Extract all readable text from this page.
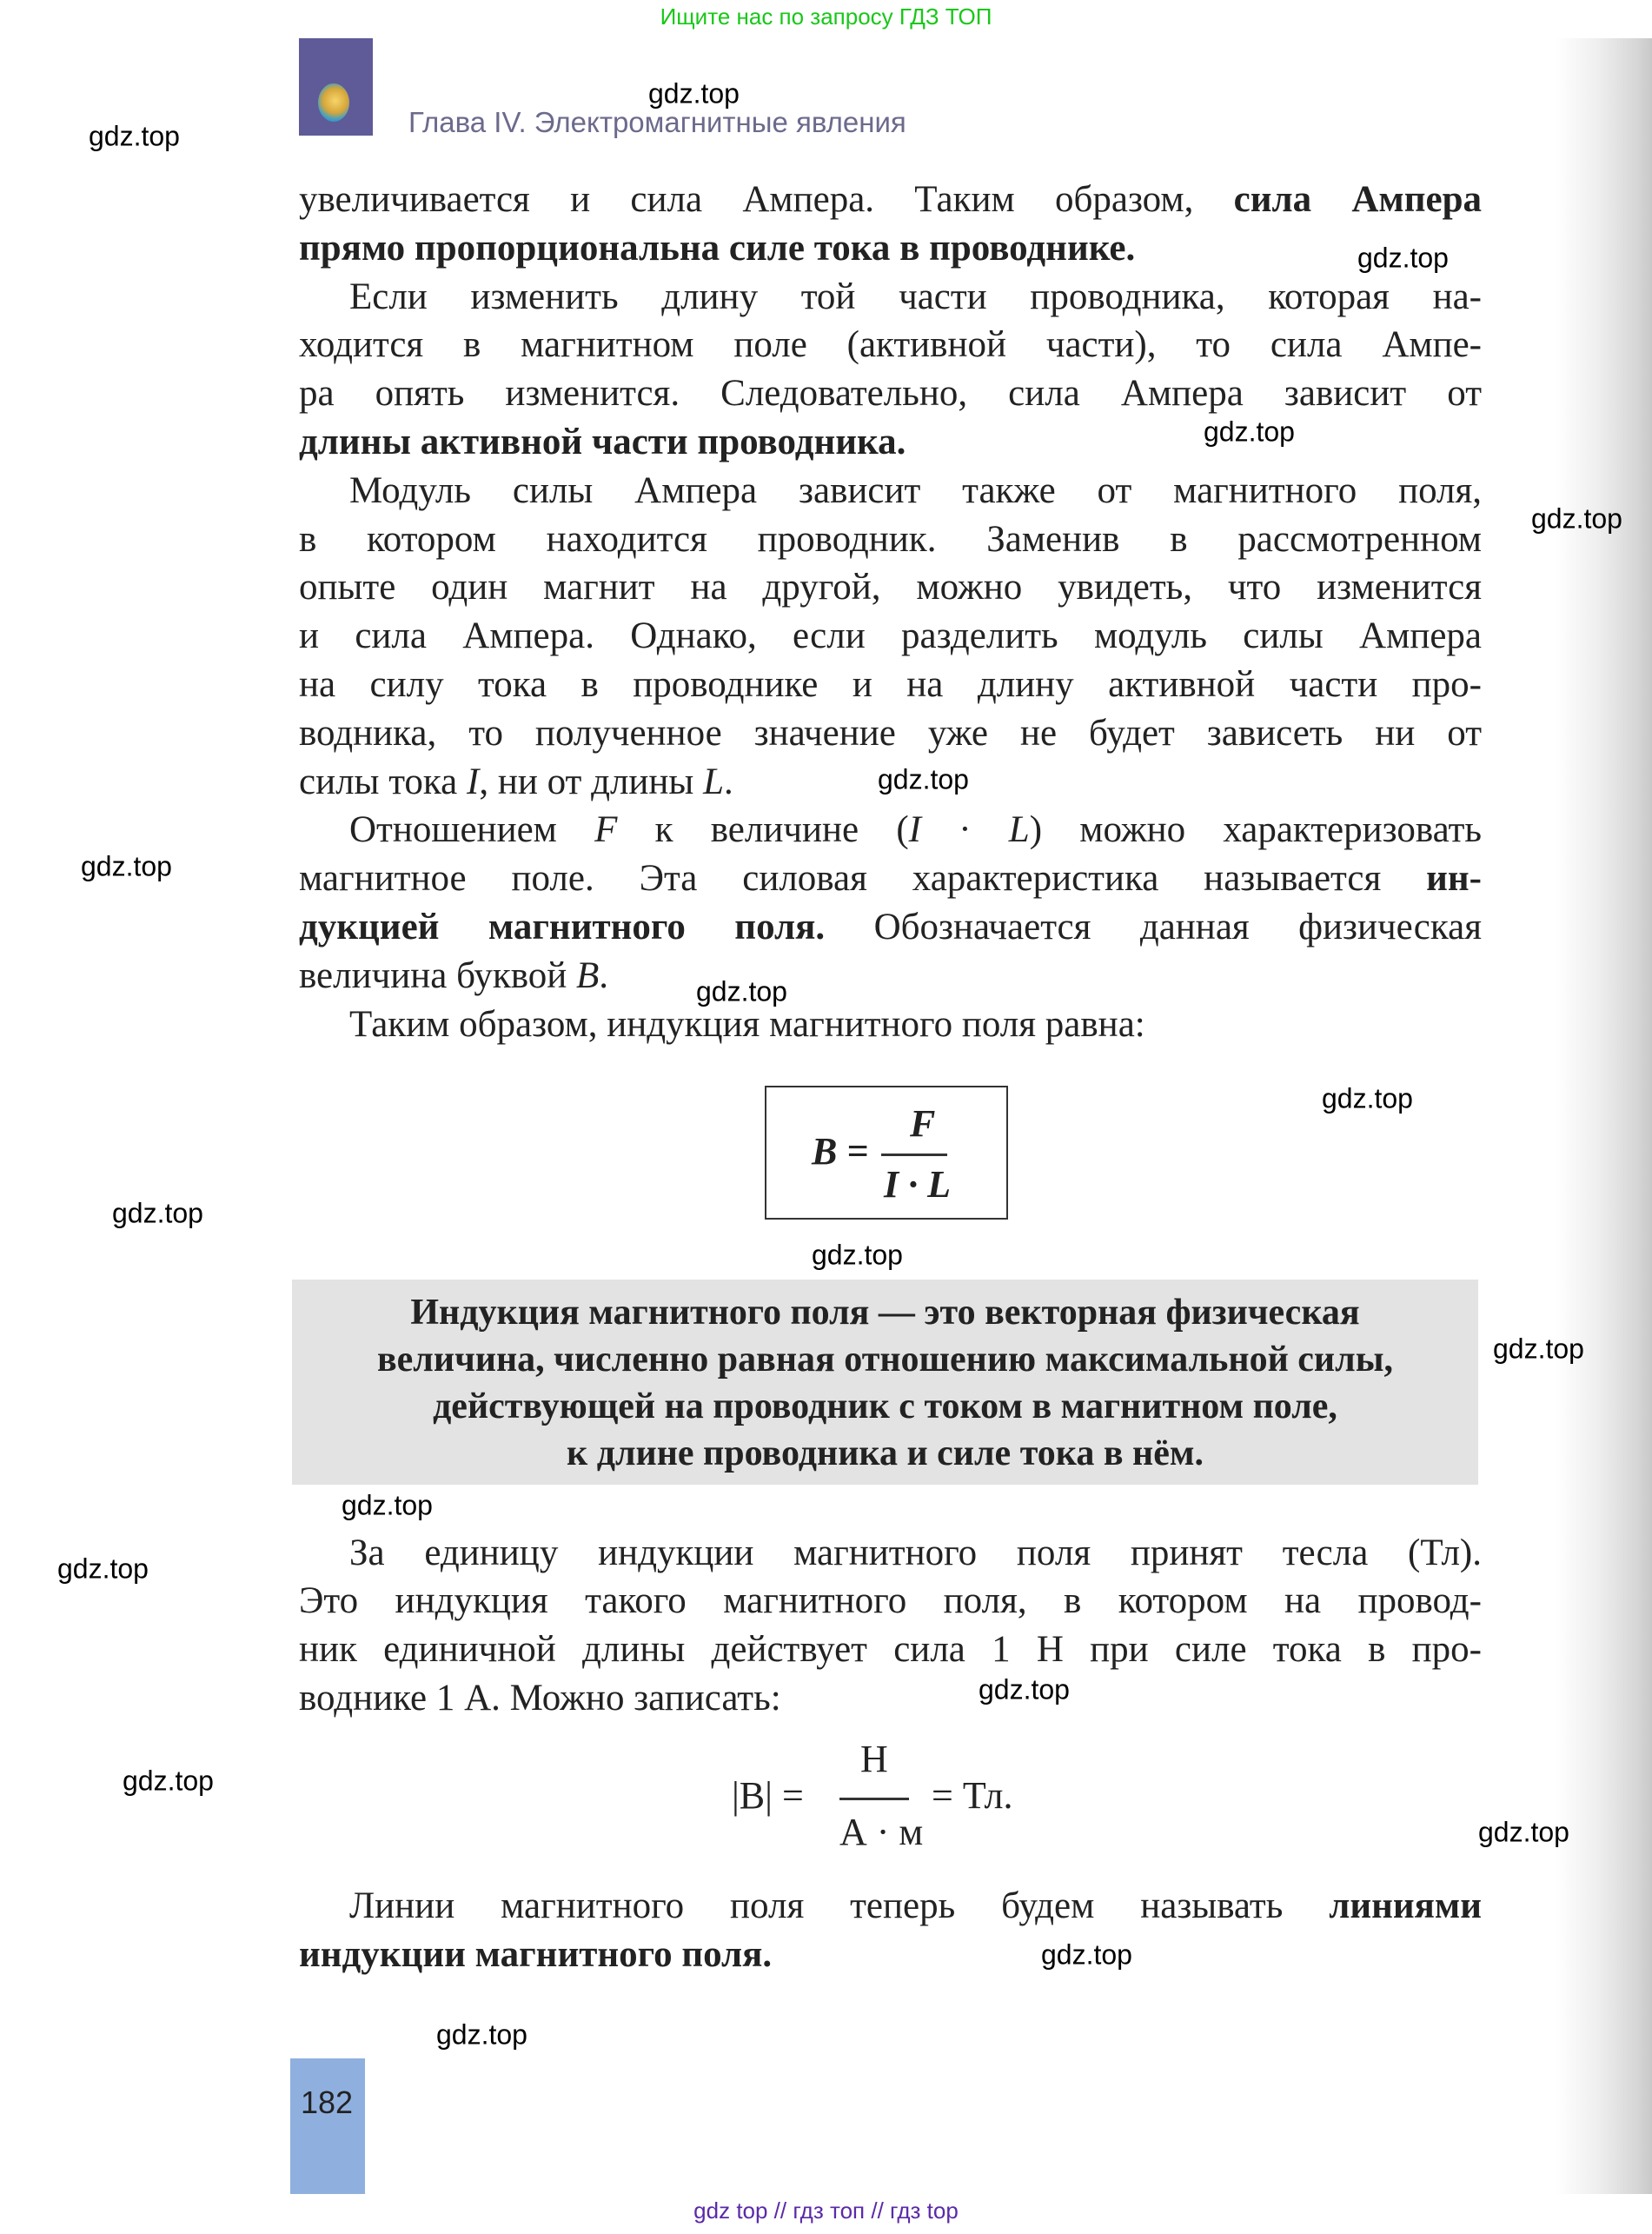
Ищите нас по запросу ГДЗ ТОП
Глава IV. Электромагнитные явления
увеличивается и сила Ампера. Таким образом, сила Ампера
прямо пропорциональна силе тока в проводнике.
Если изменить длину той части проводника, которая на-
ходится в магнитном поле (активной части), то сила Ампе-
ра опять изменится. Следовательно, сила Ампера зависит от
длины активной части проводника.
Модуль силы Ампера зависит также от магнитного поля,
в котором находится проводник. Заменив в рассмотренном
опыте один магнит на другой, можно увидеть, что изменится
и сила Ампера. Однако, если разделить модуль силы Ампера
на силу тока в проводнике и на длину активной части про-
водника, то полученное значение уже не будет зависеть ни от
силы тока I, ни от длины L.
Отношением F к величине (I · L) можно характеризовать
магнитное поле. Эта силовая характеристика называется ин-
дукцией магнитного поля. Обозначается данная физическая
величина буквой B.
Таким образом, индукция магнитного поля равна:
B =
F
I · L
Индукция магнитного поля — это векторная физическая
величина, численно равная отношению максимальной силы,
действующей на проводник с током в магнитном поле,
к длине проводника и силе тока в нём.
За единицу индукции магнитного поля принят тесла (Тл).
Это индукция такого магнитного поля, в котором на провод-
ник единичной длины действует сила 1 Н при силе тока в про-
воднике 1 А. Можно записать:
|B| =
Н
А · м
= Тл.
Линии магнитного поля теперь будем называть линиями
индукции магнитного поля.
182
gdz.top
gdz.top
gdz.top
gdz.top
gdz.top
gdz.top
gdz.top
gdz.top
gdz.top
gdz.top
gdz.top
gdz.top
gdz.top
gdz.top
gdz.top
gdz.top
gdz.top
gdz.top
gdz.top
gdz top // гдз топ // гдз top
